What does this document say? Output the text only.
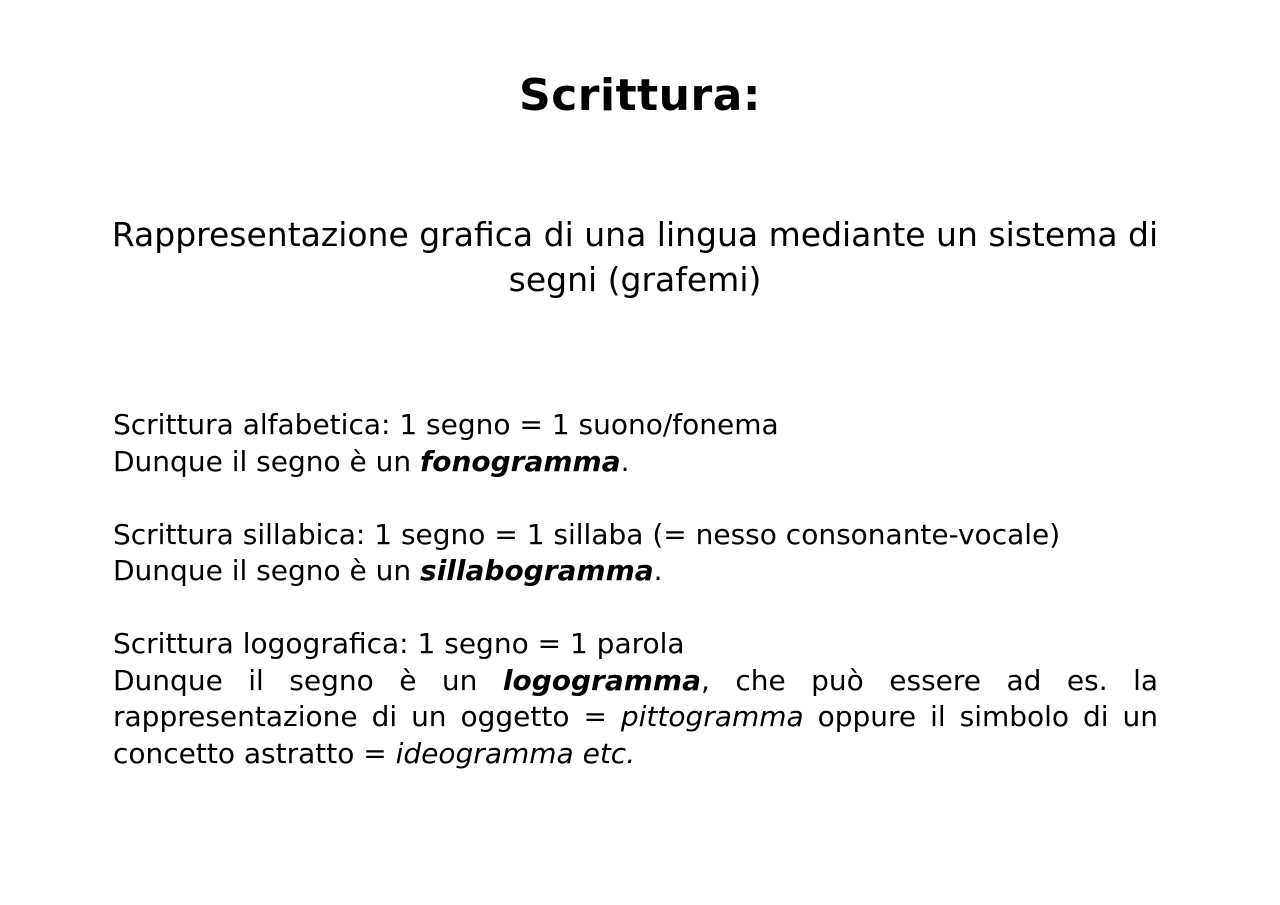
Scrittura:
Rappresentazione grafica di una lingua mediante un sistema di segni (grafemi)

Scrittura alfabetica: 1 segno = 1 suono/fonema
Dunque il segno è un fonogramma.

Scrittura sillabica: 1 segno = 1 sillaba (= nesso consonante-vocale)
Dunque il segno è un sillabogramma.

Scrittura logografica: 1 segno = 1 parola
Dunque il segno è un logogramma, che può essere ad es. la rappresentazione di un oggetto = pittogramma oppure il simbolo di un concetto astratto = ideogramma etc.
